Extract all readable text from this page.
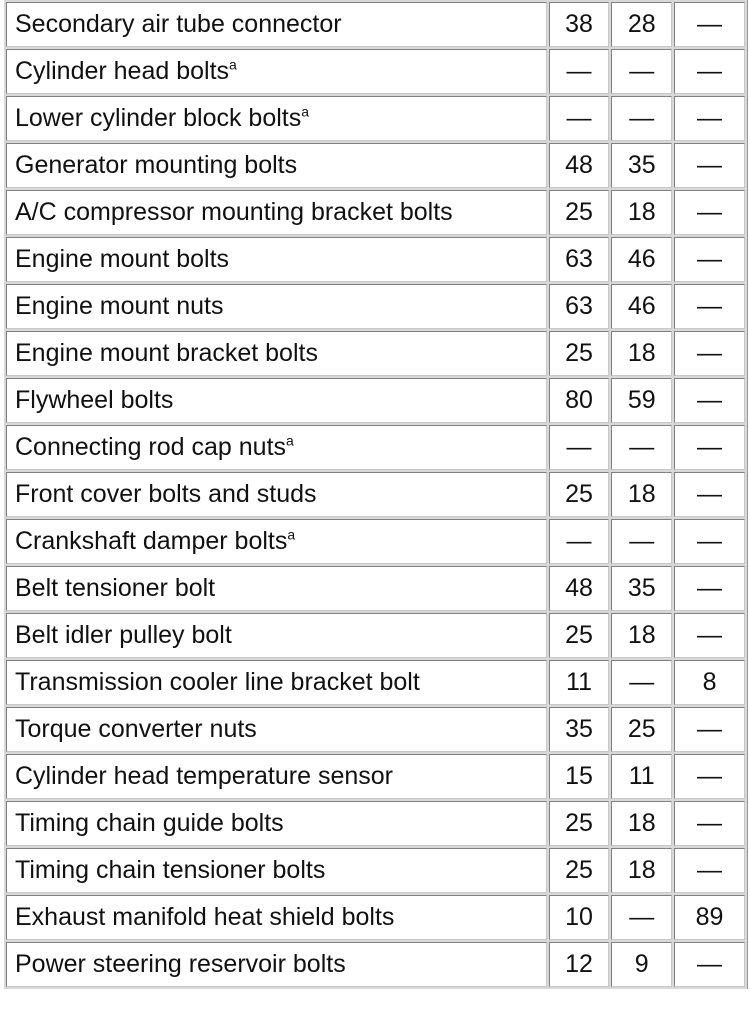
Secondary air tube connector	38	28	—
Cylinder head bolts$^a$	—	—	—
Lower cylinder block bolts$^a$	—	—	—
Generator mounting bolts	48	35	—
A/C compressor mounting bracket bolts	25	18	—
Engine mount bolts	63	46	—
Engine mount nuts	63	46	—
Engine mount bracket bolts	25	18	—
Flywheel bolts	80	59	—
Connecting rod cap nuts$^a$	—	—	—
Front cover bolts and studs	25	18	—
Crankshaft damper bolts$^a$	—	—	—
Belt tensioner bolt	48	35	—
Belt idler pulley bolt	25	18	—
Transmission cooler line bracket bolt	11	—	8
Torque converter nuts	35	25	—
Cylinder head temperature sensor	15	11	—
Timing chain guide bolts	25	18	—
Timing chain tensioner bolts	25	18	—
Exhaust manifold heat shield bolts	10	—	89
Power steering reservoir bolts	12	9	—
